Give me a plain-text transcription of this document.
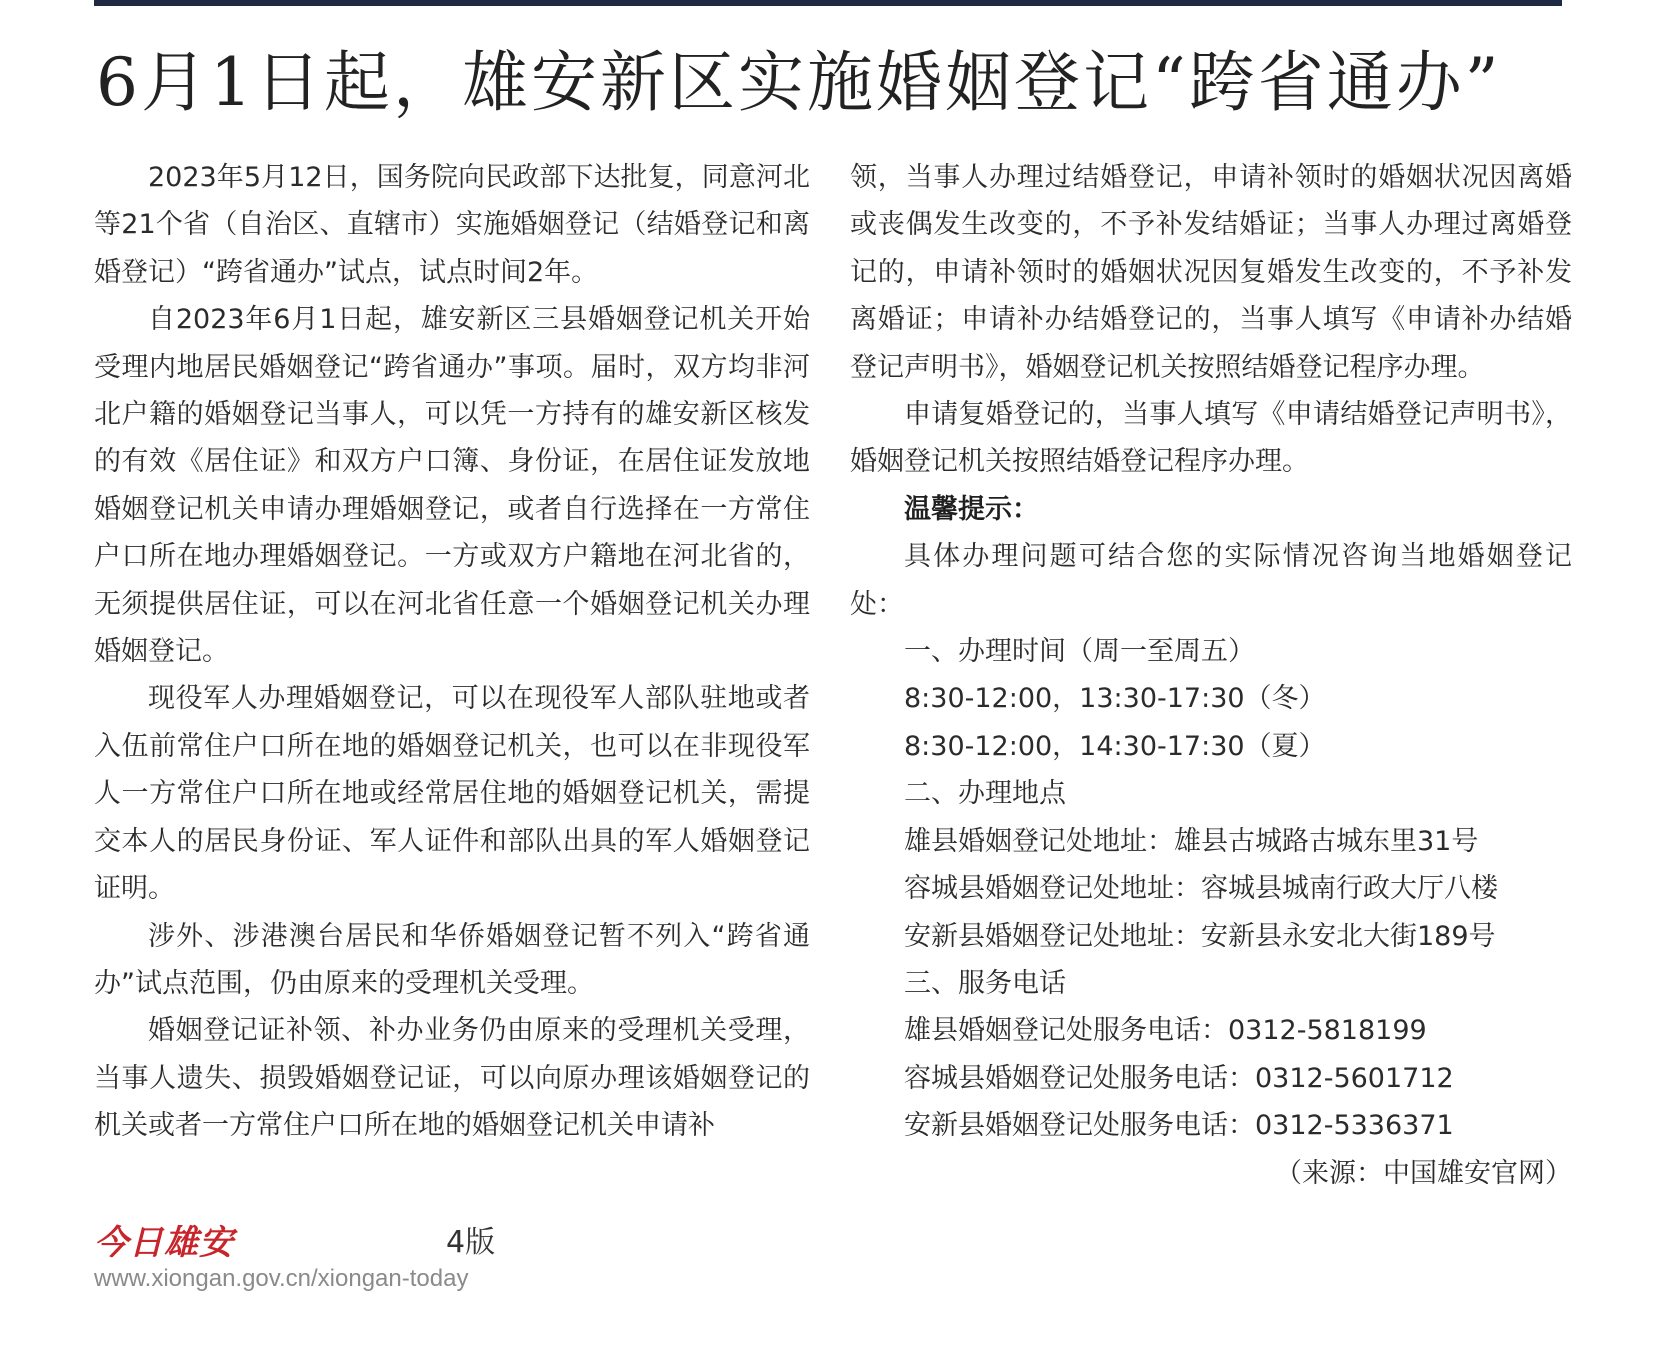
6月1日起，雄安新区实施婚姻登记“跨省通办”

2023年5月12日，国务院向民政部下达批复，同意河北等21个省（自治区、直辖市）实施婚姻登记（结婚登记和离婚登记）“跨省通办”试点，试点时间2年。

自2023年6月1日起，雄安新区三县婚姻登记机关开始受理内地居民婚姻登记“跨省通办”事项。届时，双方均非河北户籍的婚姻登记当事人，可以凭一方持有的雄安新区核发的有效《居住证》和双方户口簿、身份证，在居住证发放地婚姻登记机关申请办理婚姻登记，或者自行选择在一方常住户口所在地办理婚姻登记。一方或双方户籍地在河北省的，无须提供居住证，可以在河北省任意一个婚姻登记机关办理婚姻登记。

现役军人办理婚姻登记，可以在现役军人部队驻地或者入伍前常住户口所在地的婚姻登记机关，也可以在非现役军人一方常住户口所在地或经常居住地的婚姻登记机关，需提交本人的居民身份证、军人证件和部队出具的军人婚姻登记证明。

涉外、涉港澳台居民和华侨婚姻登记暂不列入“跨省通办”试点范围，仍由原来的受理机关受理。

婚姻登记证补领、补办业务仍由原来的受理机关受理，当事人遗失、损毁婚姻登记证，可以向原办理该婚姻登记的机关或者一方常住户口所在地的婚姻登记机关申请补

领，当事人办理过结婚登记，申请补领时的婚姻状况因离婚或丧偶发生改变的，不予补发结婚证；当事人办理过离婚登记的，申请补领时的婚姻状况因复婚发生改变的，不予补发离婚证；申请补办结婚登记的，当事人填写《申请补办结婚登记声明书》，婚姻登记机关按照结婚登记程序办理。

申请复婚登记的，当事人填写《申请结婚登记声明书》，婚姻登记机关按照结婚登记程序办理。

温馨提示：

具体办理问题可结合您的实际情况咨询当地婚姻登记处：

一、办理时间（周一至周五）

8:30-12:00，13:30-17:30（冬）

8:30-12:00，14:30-17:30（夏）

二、办理地点

雄县婚姻登记处地址：雄县古城路古城东里31号

容城县婚姻登记处地址：容城县城南行政大厅八楼

安新县婚姻登记处地址：安新县永安北大街189号

三、服务电话

雄县婚姻登记处服务电话：0312-5818199

容城县婚姻登记处服务电话：0312-5601712

安新县婚姻登记处服务电话：0312-5336371

（来源：中国雄安官网）

今日雄安	4版
www.xiongan.gov.cn/xiongan-today
